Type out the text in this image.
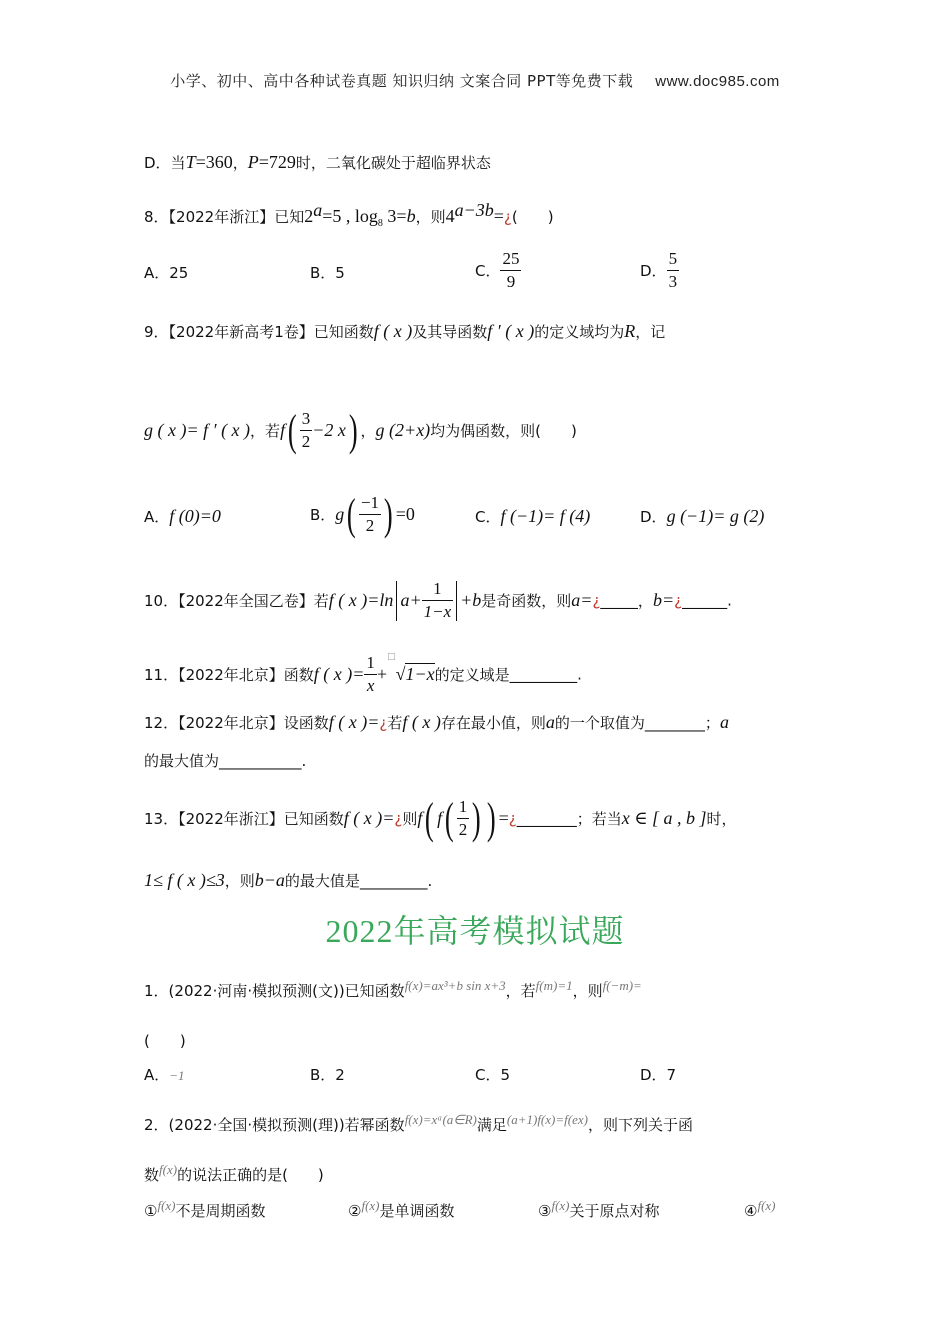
小学、初中、高中各种试卷真题 知识归纳 文案合同 PPT等免费下载 www.doc985.com
D．当T=360，P=729时，二氧化碳处于超临界状态
8．【2022年浙江】已知$2^a=5$ , $\log_8 3=b$，则$4^{a-3b}=¿$(　　)
A．25	B．5	C． $\frac{25}{9}$	D． $\frac{5}{3}$
9．【2022年新高考1卷】已知函数f ( x )及其导函数f ′ ( x )的定义域均为R，记
g ( x )= f ′ ( x )，若$f( \frac{3}{2} -2$ x) ，g (2+x)均为偶函数，则(　　)
A．f (0)=0	B．$g( \frac{-1}{2}$ ) =0	C．f (−1)= f (4)	D．g (−1)= g (2)
10．【2022年全国乙卷】若f ( x )=ln $a+ \frac{1}{1-x} +b$是奇函数，则a=¿_____，b=¿______.
11．【2022年北京】函数f ( x )= $\frac{1}{x} +^□√1-x$的定义域是_________.
12．【2022年北京】设函数f ( x )=¿若f ( x )存在最小值，则a的一个取值为________；a
的最大值为___________.
13．【2022年浙江】已知函数f ( x )=¿则f( $f( \frac{1}{2}$ ) ) =¿________；若当x ∈ [ a , b ]时，
1≤ f ( x )≤3，则b−a的最大值是_________.
2022年高考模拟试题
1．(2022·河南·模拟预测(文))已知函数f(x)=ax³+b sin x+3，若f(m)=1，则f(−m)=
(　　)
A．−1	B．2	C．5	D．7
2．(2022·全国·模拟预测(理))若幂函数f(x)=xᵃ(a∈R)满足(a+1)f(x)=f(ex)，则下列关于函
数f(x)的说法正确的是(　　)
①f(x)不是周期函数	②f(x)是单调函数	③f(x)关于原点对称	④f(x)
